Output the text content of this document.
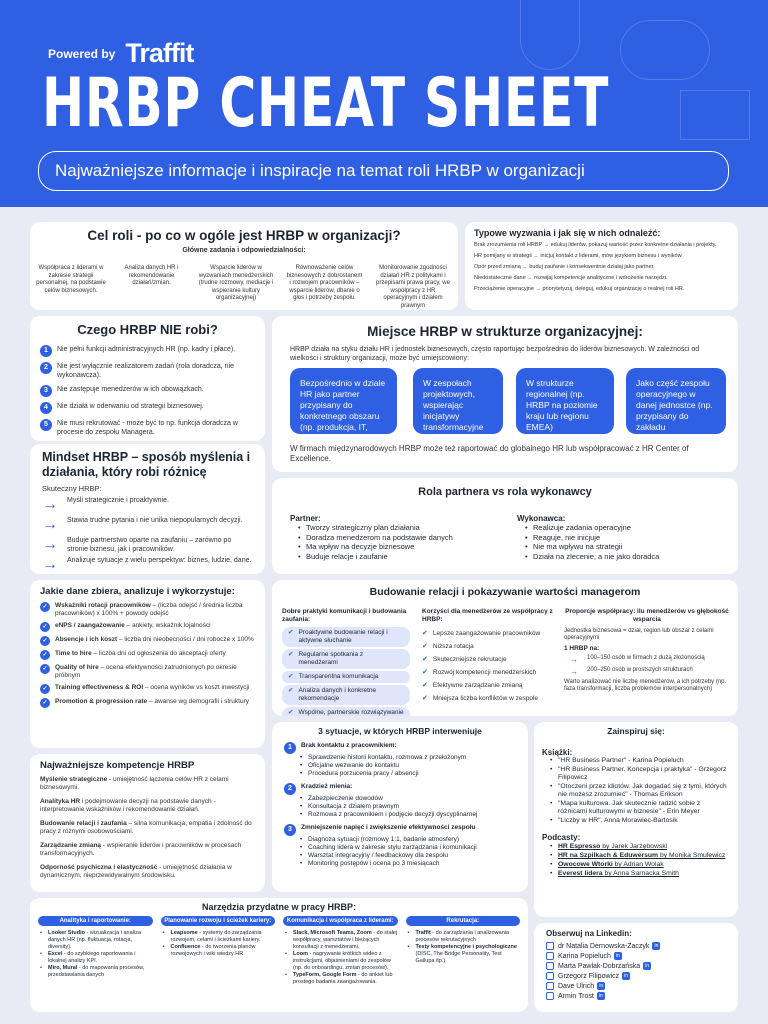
Powered by Traffit
HRBP CHEAT SHEET
Najważniejsze informacje i inspiracje na temat roli HRBP w organizacji
Cel roli - po co w ogóle jest HRBP w organizacji?
Główne zadania i odpowiedzialności:
Współpraca z liderami w zakresie strategii personalnej, na podstawie celów biznesowych.
Analiza danych HR i rekomendowanie działań/zmian.
Wsparcie liderów w wyzwaniach menedżerskich (trudne rozmowy, mediacje i wspieranie kultury organizacyjnej)
Równoważenie celów biznesowych z dobrostanem i rozwojem pracowników – wsparcie liderów, dbanie o głos i potrzeby zespołu.
Monitorowanie zgodności działań HR z politykami i przepisami prawa pracy, we współpracy z HR operacyjnym i działem prawnym
Typowe wyzwania i jak się w nich odnaleźć:
Brak zrozumienia roli HRBP → edukuj liderów, pokazuj wartość przez konkretne działania i projekty.
HR pomijany w strategii → inicjuj kontakt z liderami, mów językiem biznesu i wyników.
Opór przed zmianą → buduj zaufanie i konsekwentnie działaj jako partner.
Niedostateczne dane → rozwijaj kompetencje analityczne i wdrożenie narzędzi.
Przeciążenie operacyjne → priorytetyzuj, deleguj, edukuj organizację o realnej roli HR.
Czego HRBP NIE robi?
1	Nie pełni funkcji administracyjnych HR (np. kadry i płace).
2	Nie jest wyłącznie realizatorem zadań (rola doradcza, nie wykonawcza).
3	Nie zastępuje menedżerów w ich obowiązkach.
4	Nie działa w oderwaniu od strategii biznesowej.
5	Nie musi rekrutować - może być to np. funkcja doradcza w procesie do zespołu Managera.
Miejsce HRBP w strukturze organizacyjnej:
HRBP działa na styku działu HR i jednostek biznesowych, często raportując bezpośrednio do liderów biznesowych. W zależności od wielkości i struktury organizacji, może być umiejscowiony:
Bezpośrednio w dziale HR jako partner przypisany do konkretnego obszaru (np. produkcja, IT, sprzedaż)
W zespołach projektowych, wspierając inicjatywy transformacyjne
W strukturze regionalnej (np. HRBP na poziomie kraju lub regionu EMEA)
Jako część zespołu operacyjnego w danej jednostce (np. przypisany do zakładu produkcyjnego)
W firmach międzynarodowych HRBP może też raportować do globalnego HR lub współpracować z HR Center of Excellence.
Mindset HRBP – sposób myślenia i działania, który robi różnicę
Skuteczny HRBP:
→ Myśli strategicznie i proaktywnie.
→ Stawia trudne pytania i nie unika niepopularnych decyzji.
→ Buduje partnerstwo oparte na zaufaniu – zarówno po stronie biznesu, jak i pracowników.
→ Analizuje sytuacje z wielu perspektyw: biznes, ludzie, dane.
Rola partnera vs rola wykonawcy
Partner:
• Tworzy strategiczny plan działania
• Doradza menedżerom na podstawie danych
• Ma wpływ na decyzje biznesowe
• Buduje relacje i zaufanie
Wykonawca:
• Realizuje zadania operacyjne
• Reaguje, nie inicjuje
• Nie ma wpływu na strategii
• Działa na zlecenie, a nie jako doradca
Jakie dane zbiera, analizuje i wykorzystuje:
✓	Wskaźniki rotacji pracowników – (liczba odejść / średnia liczba pracowników) x 100% + powody odejść
✓	eNPS / zaangażowanie – ankiety, wskaźnik lojalności
✓	Absencje i ich koszt – liczba dni nieobecności / dni robocze x 100%
✓	Time to hire – liczba dni od ogłoszenia do akceptacji oferty
✓	Quality of hire – ocena efektywności zatrudnionych po okresie próbnym
✓	Training effectiveness & ROI – ocena wyników vs koszt inwestycji
✓	Promotion & progression rate – awanse wg demografii i struktury
Budowanie relacji i pokazywanie wartości managerom
Dobre praktyki komunikacji i budowania zaufania:
✔ Proaktywne budowanie relacji i aktywne słuchanie
✔ Regularne spotkania z menedżerami
✔ Transparentna komunikacja
✔ Analiza danych i konkretne rekomendacje
✔ Wspólne, partnerskie rozwiązywanie
Korzyści dla menedżerów ze współpracy z HRBP:
✔ Lepsze zaangażowanie pracowników
✔ Niższa rotacja
✔ Skuteczniejsze rekrutacje
✔ Rozwój kompetencji menedżerskich
✔ Efektywne zarządzanie zmianą
✔ Mniejsza liczba konfliktów w zespole
Proporcje współpracy: ilu menedżerów vs głębokość wsparcia
Jednostka biznesowa = dział, region lub obszar z celami operacyjnymi
1 HRBP na:
→ 100–150 osób w firmach z dużą złożonością
→ 200–250 osób w prostszych strukturach
Warto analizować nie liczbę menedżerów, a ich potrzeby (np. faza transformacji, liczba problemów interpersonalnych)
Najważniejsze kompetencje HRBP
Myślenie strategiczne - umiejętność łączenia celów HR z celami biznesowymi.
Analityka HR i podejmowanie decyzji na podstawie danych - interpretowanie wskaźników i rekomendowanie działań.
Budowanie relacji i zaufania – silna komunikacja, empatia i zdolność do pracy z różnymi osobowościami.
Zarządzanie zmianą - wspieranie liderów i pracowników w procesach transformacyjnych.
Odporność psychiczna i elastyczność - umiejętność działania w dynamicznym, nieprzewidywalnym środowisku.
3 sytuacje, w których HRBP interweniuje
1	Brak kontaktu z pracownikiem:
• Sprawdzenie historii kontaktu, rozmowa z przełożonym
• Oficjalne wezwanie do kontaktu
• Procedura porzucenia pracy / absencji
2	Kradzież mienia:
• Zabezpieczenie dowodów
• Konsultacja z działem prawnym
• Rozmowa z pracownikiem i podjęcie decyzji dyscyplinarnej
3	Zmniejszenie napięć i zwiększenie efektywności zespołu
• Diagnoza sytuacji (rozmowy 1:1, badanie atmosfery)
• Coaching lidera w zakresie stylu zarządzania i komunikacji
• Warsztat integracyjny / feedbackowy dla zespołu
• Monitoring postępów i ocena po 3 miesiącach
Zainspiruj się:
Książki:
• "HR Business Partner" - Karina Popieluch
• "HR Business Partner. Koncepcja i praktyka" - Grzegorz Filipowicz
• "Otoczeni przez idiotów. Jak dogadać się z tymi, których nie możesz zrozumieć" - Thomas Erikson
• "Mapa kulturowa. Jak skutecznie radzić sobie z różnicami kulturowymi w biznesie" - Erin Meyer
• "Liczby w HR", Anna Morawiec-Bartosik
Podcasty:
• HR Espresso by Jarek Jarzębowski
• HR na Szpilkach & Eduwersum by Monika Smulewicz
• Owocowe Wtorki by Adrian Wolak
• Everest lidera by Anna Sarnacka Smith
Narzędzia przydatne w pracy HRBP:
Analityka i raportowanie:
• Looker Studio - wizualizacja i analiza danych HR (np. fluktuacja, rotacja, diversity).
• Excel - do szybkiego raportowania i lokalnej analizy KPI.
• Miro, Mural - do mapowania procesów, przedstawiania danych
Planowanie rozwoju i ścieżek kariery:
• Leapsome - systemy do zarządzania rozwojem, celami i ścieżkami kariery.
• Confluence - do tworzenia planów rozwojowych i wiki wiedzy HR.
Komunikacja i współpraca z liderami:
• Slack, Microsoft Teams, Zoom - do stałej współpracy, warsztatów i bieżących konsultacji z menedżerami.
• Loom - nagrywanie krótkich wideo z instrukcjami, objaśnieniami do zespołów (np. do onboardingu, zmian procesów).
• TypeForm, Google Form - do ankiet lub prostego badania zaangażowania.
Rekrutacja:
• Traffit - do zarządzania i analizowania procesów rekrutacyjnych
• Testy kompetencyjne i psychologiczne (DISC, The Bridge Personality, Test Gallupa itp.)
Obserwuj na Linkedin:
dr Natalia Dernowska-Zaczyk in
Karina Popieluch in
Marta Pawlak-Dobrzańska in
Grzegorz Filipowicz in
Dave Ulrich in
Armin Trost in
